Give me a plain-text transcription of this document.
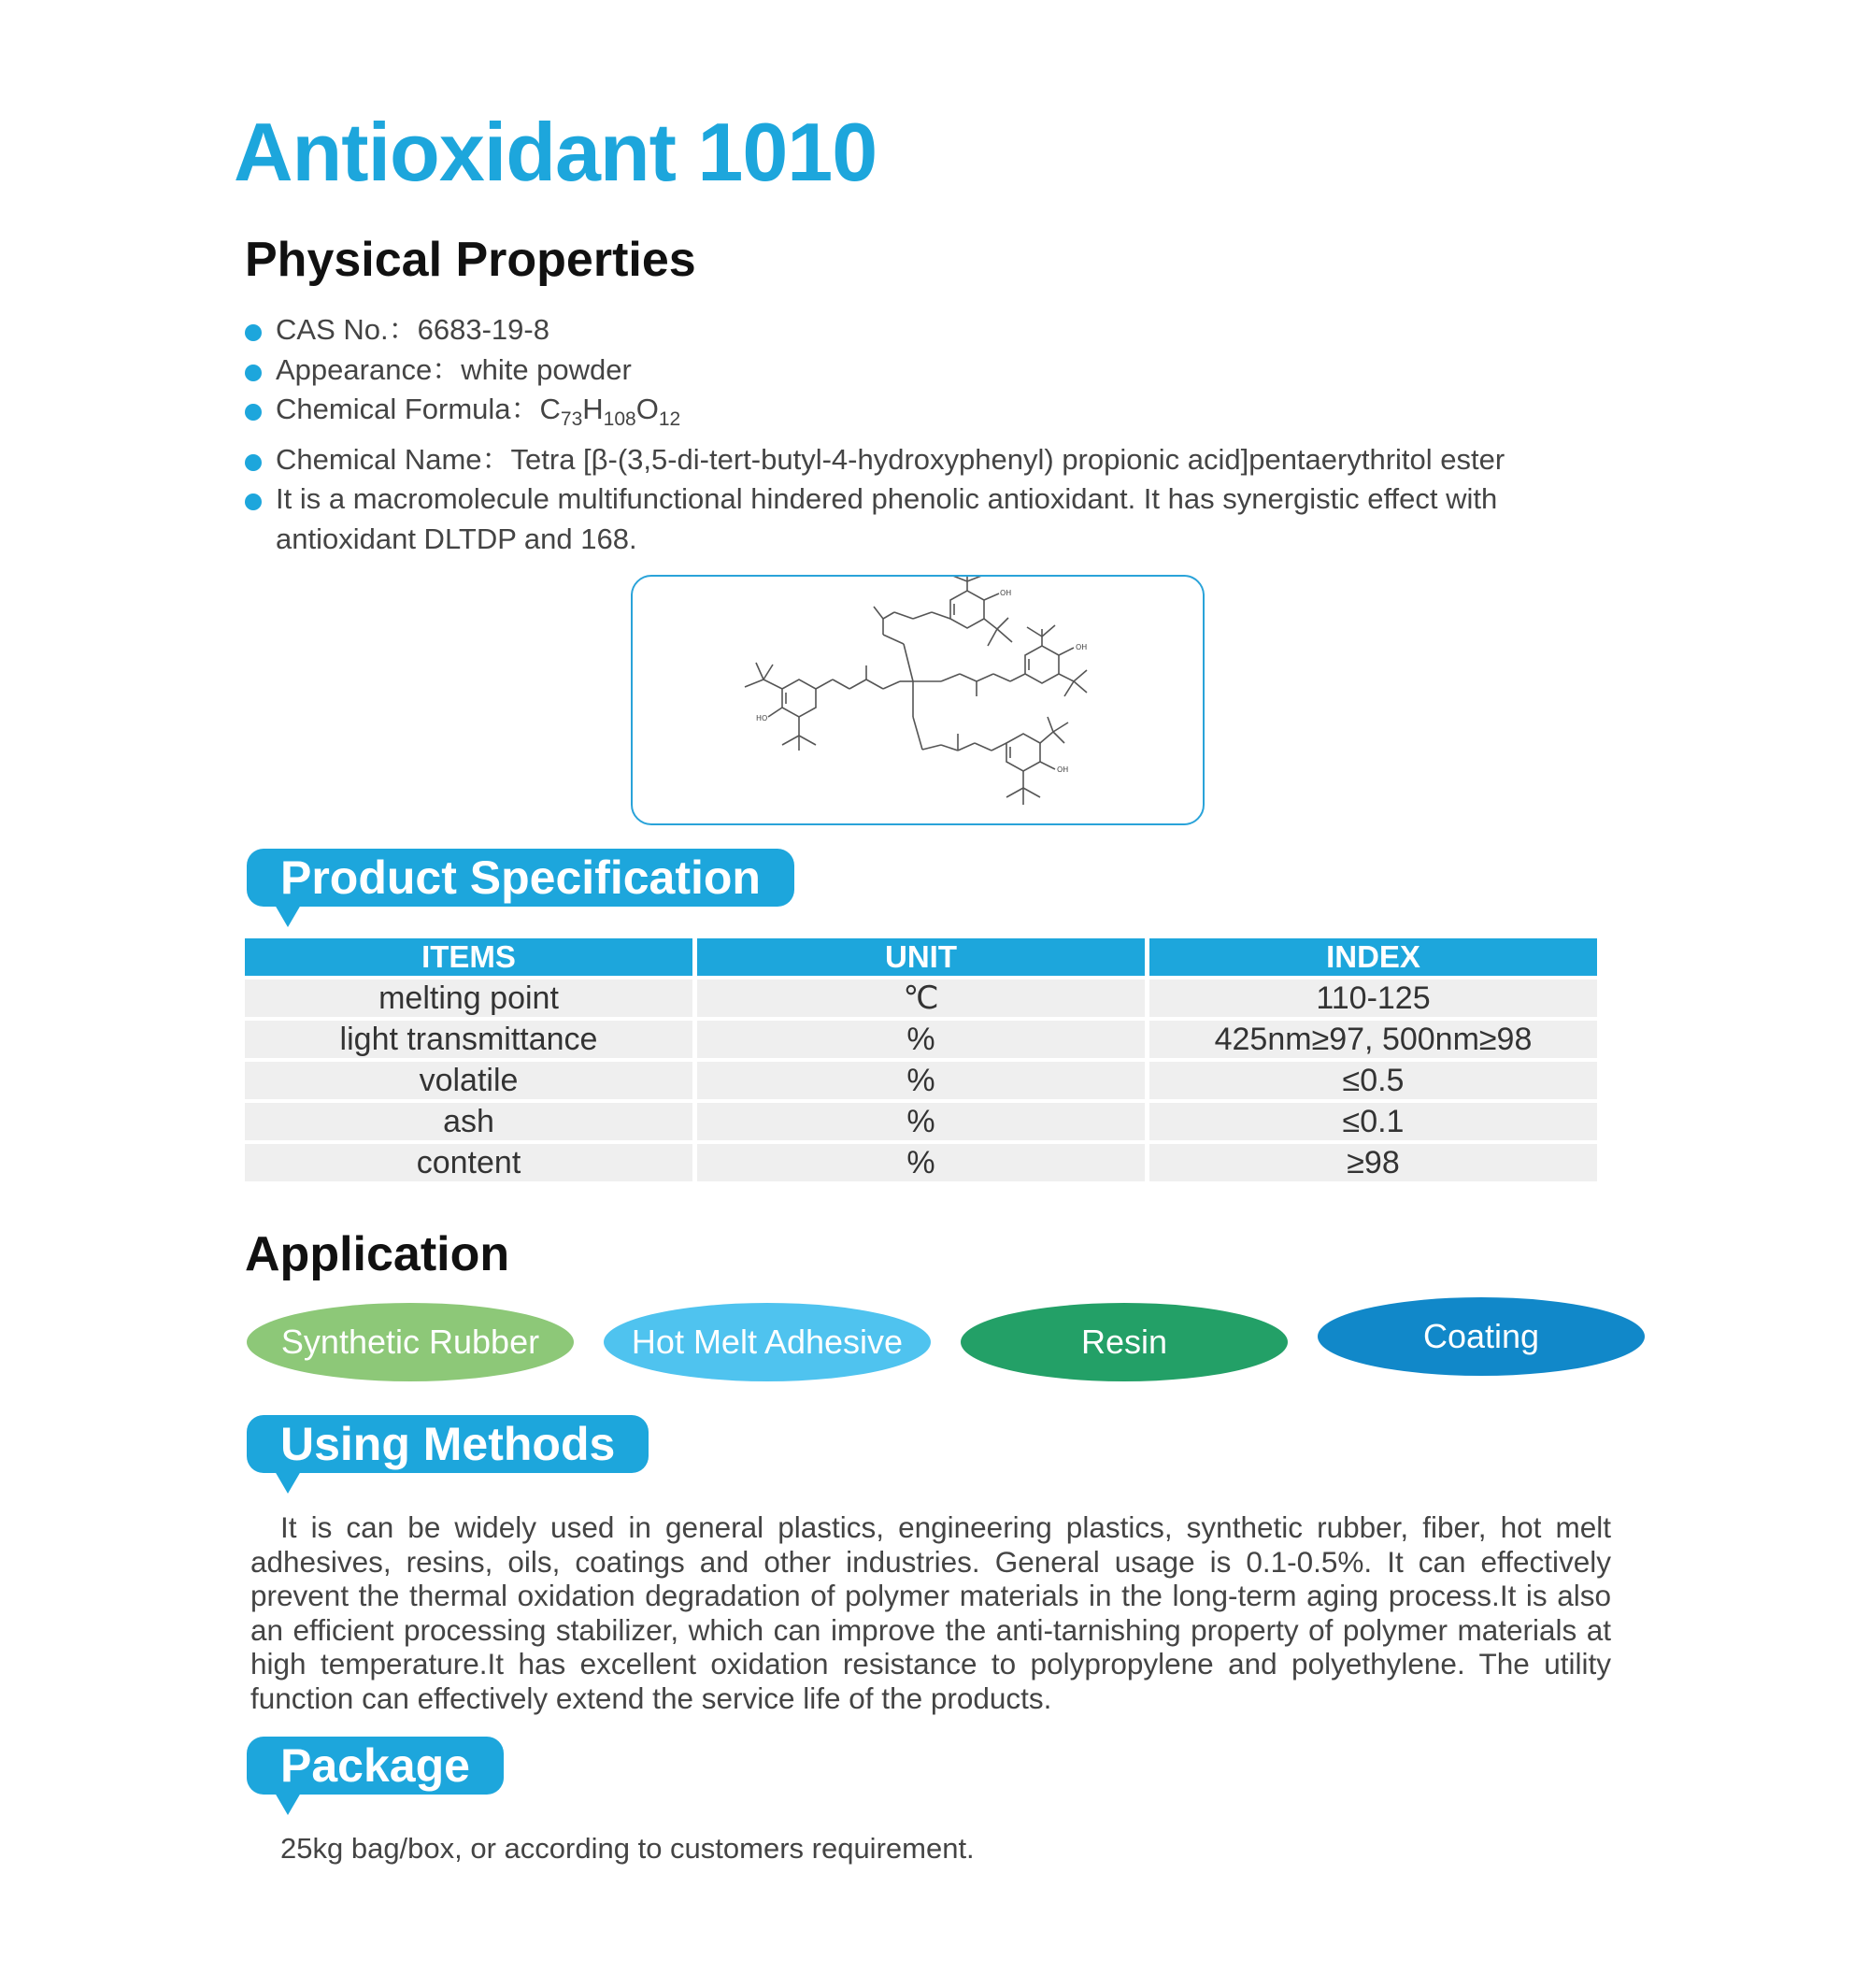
Antioxidant 1010
Physical Properties
CAS No.：6683-19-8
Appearance：white powder
Chemical Formula：$C_{73}H_{108}O_{12}$
Chemical Name：Tetra [β-(3,5-di-tert-butyl-4-hydroxyphenyl) propionic acid]pentaerythritol ester
It is a macromolecule multifunctional hindered phenolic antioxidant. It has synergistic effect with antioxidant DLTDP and 168.
HO
OH
OH
OH
Product Specification
ITEMS	UNIT	INDEX
melting point	℃	110-125
light transmittance	%	425nm≥97, 500nm≥98
volatile	%	≤0.5
ash	%	≤0.1
content	%	≥98
Application
Synthetic Rubber	Hot Melt Adhesive	Resin	Coating
Using Methods

It is can be widely used in general plastics, engineering plastics, synthetic rubber, fiber, hot melt adhesives, resins, oils, coatings and other industries. General usage is 0.1-0.5%. It can effectively prevent the thermal oxidation degradation of polymer materials in the long-term aging process.It is also an efficient processing stabilizer, which can improve the anti-tarnishing property of polymer materials at high temperature.It has excellent oxidation resistance to polypropylene and polyethylene. The utility function can effectively extend the service life of the products.

Package

25kg bag/box, or according to customers requirement.
